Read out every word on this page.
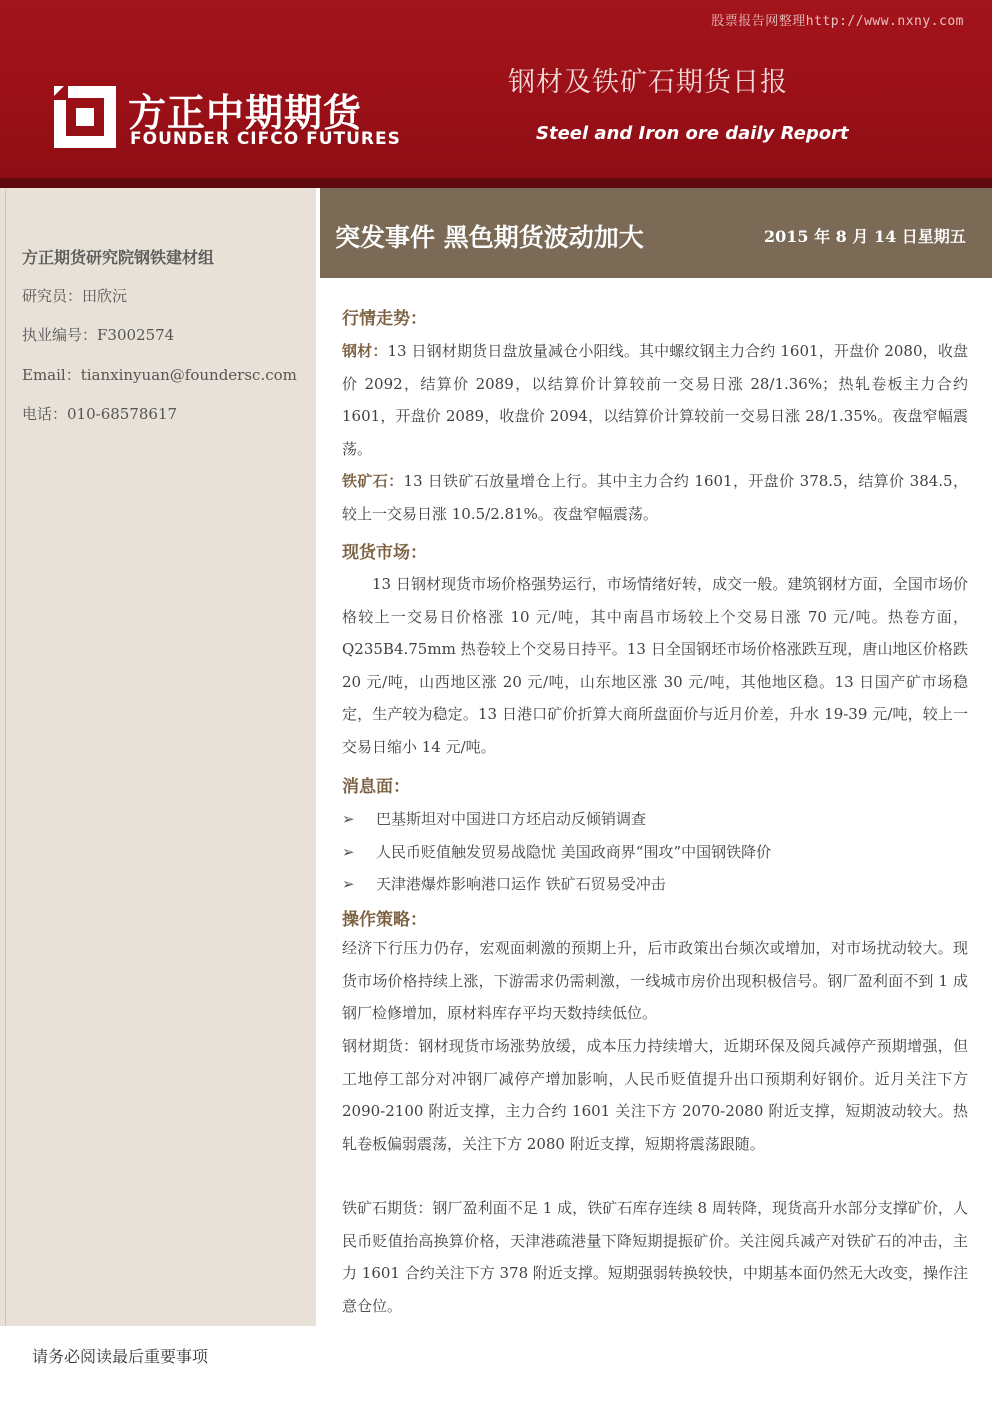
股票报告网整理http://www.nxny.com
方正中期期货
FOUNDER CIFCO FUTURES
钢材及铁矿石期货日报
Steel and Iron ore daily Report
方正期货研究院钢铁建材组
研究员：田欣沅
执业编号：F3002574
Email：tianxinyuan@foundersc.com
电话：010-68578617
突发事件 黑色期货波动加大	2015 年 8 月 14 日星期五
行情走势：
钢材：13 日钢材期货日盘放量减仓小阳线。其中螺纹钢主力合约 1601，开盘价 2080，收盘价 2092，结算价 2089，以结算价计算较前一交易日涨 28/1.36%；热轧卷板主力合约 1601，开盘价 2089，收盘价 2094，以结算价计算较前一交易日涨 28/1.35%。夜盘窄幅震荡。
铁矿石：13 日铁矿石放量增仓上行。其中主力合约 1601，开盘价 378.5，结算价 384.5，较上一交易日涨 10.5/2.81%。夜盘窄幅震荡。
现货市场：
13 日钢材现货市场价格强势运行，市场情绪好转，成交一般。建筑钢材方面，全国市场价格较上一交易日价格涨 10 元/吨，其中南昌市场较上个交易日涨 70 元/吨。热卷方面，Q235B4.75mm 热卷较上个交易日持平。13 日全国钢坯市场价格涨跌互现，唐山地区价格跌 20 元/吨，山西地区涨 20 元/吨，山东地区涨 30 元/吨，其他地区稳。13 日国产矿市场稳定，生产较为稳定。13 日港口矿价折算大商所盘面价与近月价差，升水 19-39 元/吨，较上一交易日缩小 14 元/吨。
消息面：
➢ 巴基斯坦对中国进口方坯启动反倾销调查
➢ 人民币贬值触发贸易战隐忧 美国政商界“围攻”中国钢铁降价
➢ 天津港爆炸影响港口运作 铁矿石贸易受冲击
操作策略：
经济下行压力仍存，宏观面刺激的预期上升，后市政策出台频次或增加，对市场扰动较大。现货市场价格持续上涨，下游需求仍需刺激，一线城市房价出现积极信号。钢厂盈利面不到 1 成钢厂检修增加，原材料库存平均天数持续低位。
钢材期货：钢材现货市场涨势放缓，成本压力持续增大，近期环保及阅兵减停产预期增强，但工地停工部分对冲钢厂减停产增加影响，人民币贬值提升出口预期利好钢价。近月关注下方 2090-2100 附近支撑，主力合约 1601 关注下方 2070-2080 附近支撑，短期波动较大。热轧卷板偏弱震荡，关注下方 2080 附近支撑，短期将震荡跟随。
铁矿石期货：钢厂盈利面不足 1 成，铁矿石库存连续 8 周转降，现货高升水部分支撑矿价，人民币贬值抬高换算价格，天津港疏港量下降短期提振矿价。关注阅兵减产对铁矿石的冲击，主力 1601 合约关注下方 378 附近支撑。短期强弱转换较快，中期基本面仍然无大改变，操作注意仓位。
请务必阅读最后重要事项
